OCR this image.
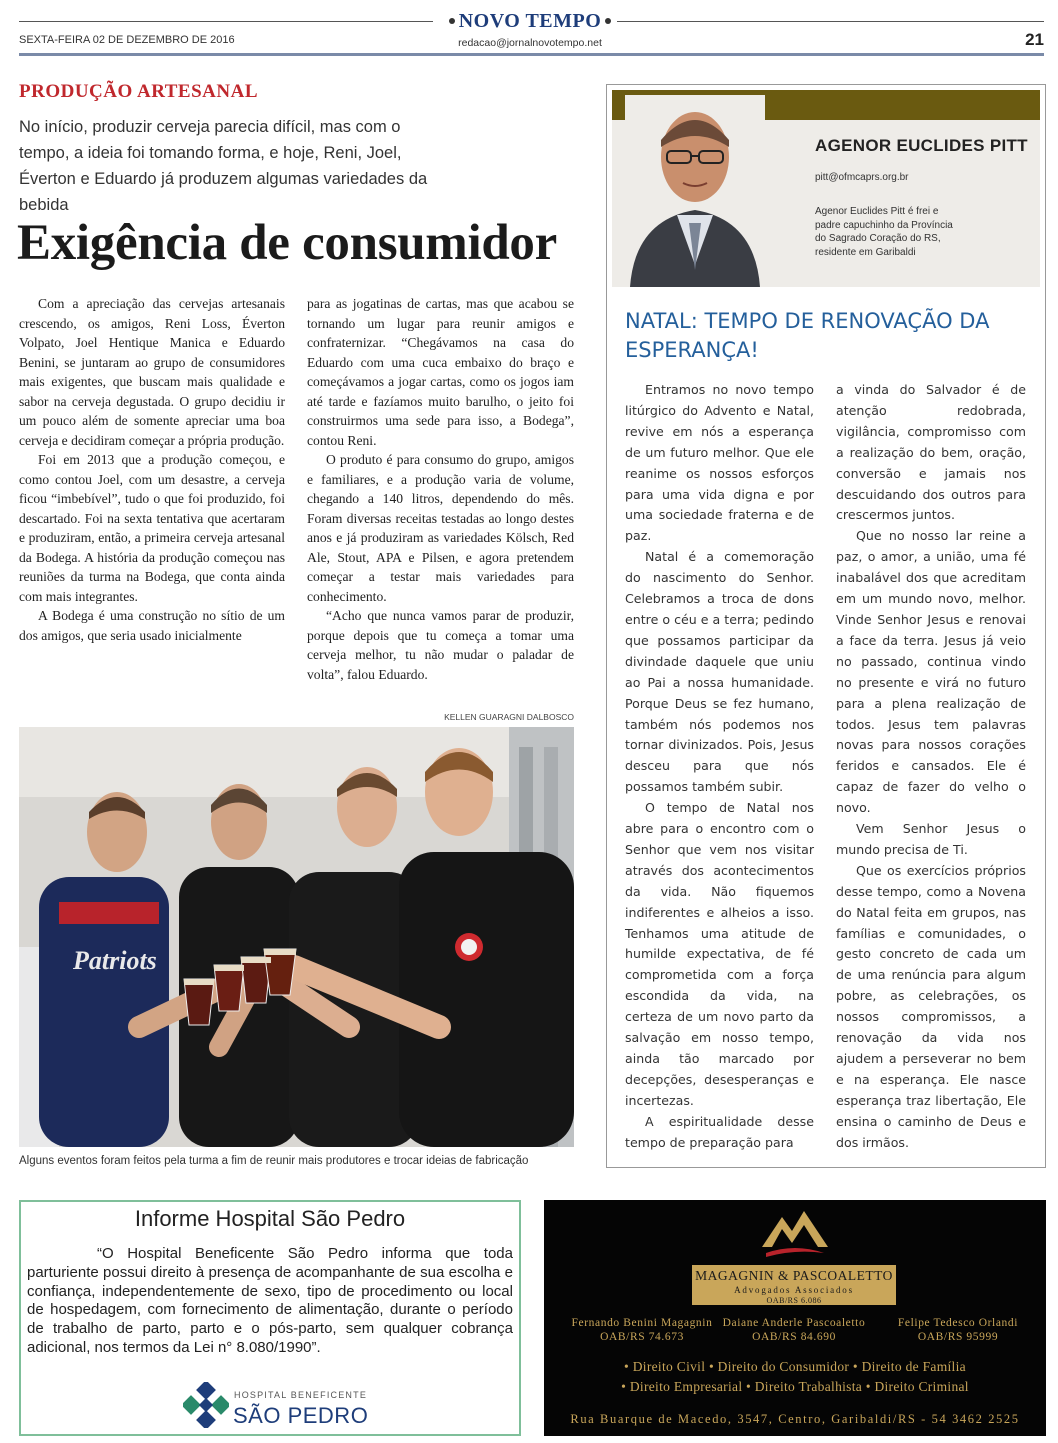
NOVO TEMPO
SEXTA-FEIRA 02 DE DEZEMBRO DE 2016	redacao@jornalnovotempo.net	21
PRODUÇÃO ARTESANAL
No início, produzir cerveja parecia difícil, mas com o tempo, a ideia foi tomando forma, e hoje, Reni, Joel, Éverton e Eduardo já produzem algumas variedades da bebida
Exigência de consumidor

Com a apreciação das cervejas artesanais crescendo, os amigos, Reni Loss, Éverton Volpato, Joel Hentique Manica e Eduardo Benini, se juntaram ao grupo de consumidores mais exigentes, que buscam mais qualidade e sabor na cerveja degustada. O grupo decidiu ir um pouco além de somente apreciar uma boa cerveja e decidiram começar a própria produção.

Foi em 2013 que a produção começou, e como contou Joel, com um desastre, a cerveja ficou “imbebível”, tudo o que foi produzido, foi descartado. Foi na sexta tentativa que acertaram e produziram, então, a primeira cerveja artesanal da Bodega. A história da produção começou nas reuniões da turma na Bodega, que conta ainda com mais integrantes.

A Bodega é uma construção no sítio de um dos amigos, que seria usado inicialmente

para as jogatinas de cartas, mas que acabou se tornando um lugar para reunir amigos e confraternizar. “Chegávamos na casa do Eduardo com uma cuca embaixo do braço e começávamos a jogar cartas, como os jogos iam até tarde e fazíamos muito barulho, o jeito foi construirmos uma sede para isso, a Bodega”, contou Reni.

O produto é para consumo do grupo, amigos e familiares, e a produção varia de volume, chegando a 140 litros, dependendo do mês. Foram diversas receitas testadas ao longo destes anos e já produziram as variedades Kölsch, Red Ale, Stout, APA e Pilsen, e agora pretendem começar a testar mais variedades para conhecimento.

“Acho que nunca vamos parar de produzir, porque depois que tu começa a tomar uma cerveja melhor, tu não mudar o paladar de volta”, falou Eduardo.

KELLEN GUARAGNI DALBOSCO
Patriots
Alguns eventos foram feitos pela turma a fim de reunir mais produtores e trocar ideias de fabricação
AGENOR EUCLIDES PITT
pitt@ofmcaprs.org.br
Agenor Euclides Pitt é frei e padre capuchinho da Província do Sagrado Coração do RS, residente em Garibaldi
NATAL: TEMPO DE RENOVAÇÃO DA ESPERANÇA!

Entramos no novo tempo litúrgico do Advento e Natal, revive em nós a esperança de um futuro melhor. Que ele reanime os nossos esforços para uma vida digna e por uma sociedade fraterna e de paz.

Natal é a comemoração do nascimento do Senhor. Celebramos a troca de dons entre o céu e a terra; pedindo que possamos participar da divindade daquele que uniu ao Pai a nossa humanidade. Porque Deus se fez humano, também nós podemos nos tornar divinizados. Pois, Jesus desceu para que nós possamos também subir.

O tempo de Natal nos abre para o encontro com o Senhor que vem nos visitar através dos acontecimentos da vida. Não fiquemos indiferentes e alheios a isso. Tenhamos uma atitude de humilde expectativa, de fé comprometida com a força escondida da vida, na certeza de um novo parto da salvação em nosso tempo, ainda tão marcado por decepções, desesperanças e incertezas.

A espiritualidade desse tempo de preparação para

a vinda do Salvador é de atenção redobrada, vigilância, compromisso com a realização do bem, oração, conversão e jamais nos descuidando dos outros para crescermos juntos.

Que no nosso lar reine a paz, o amor, a união, uma fé inabalável dos que acreditam em um mundo novo, melhor. Vinde Senhor Jesus e renovai a face da terra. Jesus já veio no passado, continua vindo no presente e virá no futuro para a plena realização de todos. Jesus tem palavras novas para nossos corações feridos e cansados. Ele é capaz de fazer do velho o novo.

Vem Senhor Jesus o mundo precisa de Ti.

Que os exercícios próprios desse tempo, como a Novena do Natal feita em grupos, nas famílias e comunidades, o gesto concreto de cada um de uma renúncia para algum pobre, as celebrações, os nossos compromissos, a renovação da vida nos ajudem a perseverar no bem e na esperança. Ele nasce esperança traz libertação, Ele ensina o caminho de Deus e dos irmãos.

Informe Hospital São Pedro

“O Hospital Beneficente São Pedro informa que toda parturiente possui direito à presença de acompanhante de sua escolha e confiança, independentemente de sexo, tipo de procedimento ou local de hospedagem, com fornecimento de alimentação, durante o período de trabalho de parto, parto e o pós-parto, sem qualquer cobrança adicional, nos termos da Lei n° 8.080/1990”.

HOSPITAL BENEFICENTE
SÃO PEDRO
MAGAGNIN & PASCOALETTO
Advogados Associados
OAB/RS 6.086
Fernando Benini Magagnin
OAB/RS 74.673
Daiane Anderle Pascoaletto
OAB/RS 84.690
Felipe Tedesco Orlandi
OAB/RS 95999
• Direito Civil • Direito do Consumidor • Direito de Família
• Direito Empresarial • Direito Trabalhista • Direito Criminal
Rua Buarque de Macedo, 3547, Centro, Garibaldi/RS - 54 3462 2525
